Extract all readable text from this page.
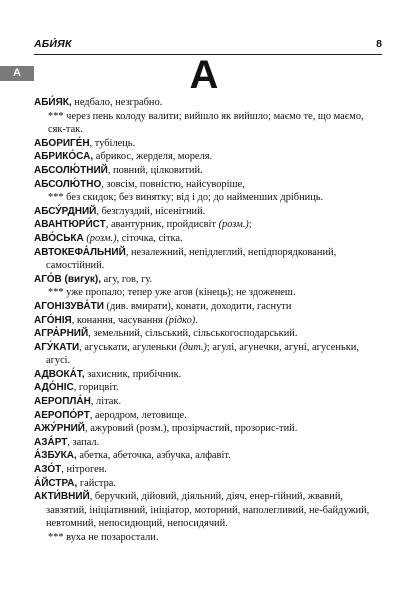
АБИ́ЯК	8
А	А
АБИ́ЯК, недбало, незграбно.
*** через пень колоду валити; вийшло як вийшло; маємо те, що маємо, сяк-так.
АБОРИГЕ́Н, тубілець.
АБРИКО́СА, абрикос, жерделя, мореля.
АБСОЛЮ́ТНИЙ, повний, цілковитий.
АБСОЛЮ́ТНО, зовсім, повністю, найсуворіше,
*** без скидок; без винятку; від і до; до найменших дрібниць.
АБСУ́РДНИЙ, безглуздий, нісенітний.
АВАНТЮРИ́СТ, авантурник, пройдисвіт (розм.);
АВО́СЬКА (розм.), сіточка, сітка.
АВТОКЕФА́ЛЬНИЙ, незалежний, непідлеглий, непідпорядкований, самостійний.
АГО́В (вигук), агу, гов, гу.
*** уже пропало; тепер уже агов (кінець); не здоженеш.
АГОНІЗУВА́ТИ (див. вмирати), конати, доходити, гаснути
АГО́НІЯ, конання, часування (рідко).
АГРА́РНИЙ, земельний, сільський, сільськогосподарський.
АГУ́КАТИ, агуськати, агуленьки (дит.); агулі, агунечки, агуні, агусеньки, агусі.
АДВОКА́Т, захисник, прибічник.
АДО́НІС, горицвіт.
АЕРОПЛА́Н, літак.
АЕРОПО́РТ, аеродром, летовище.
АЖУ́РНИЙ, ажуровий (розм.), прозірчастий, прозорис-тий.
АЗА́РТ, запал.
А́ЗБУКА, абетка, абеточка, азбучка, алфавіт.
АЗО́Т, нітроген.
А́ЙСТРА, гайстра.
АКТИ́ВНИЙ, беручкий, дійовий, діяльний, діяч, енер-гійний, жвавий, завзятий, ініціативний, ініціатор, моторний, наполегливий, не-байдужий, невтомний, непосидющий, непосидячий.
*** вуха не позаростали.
